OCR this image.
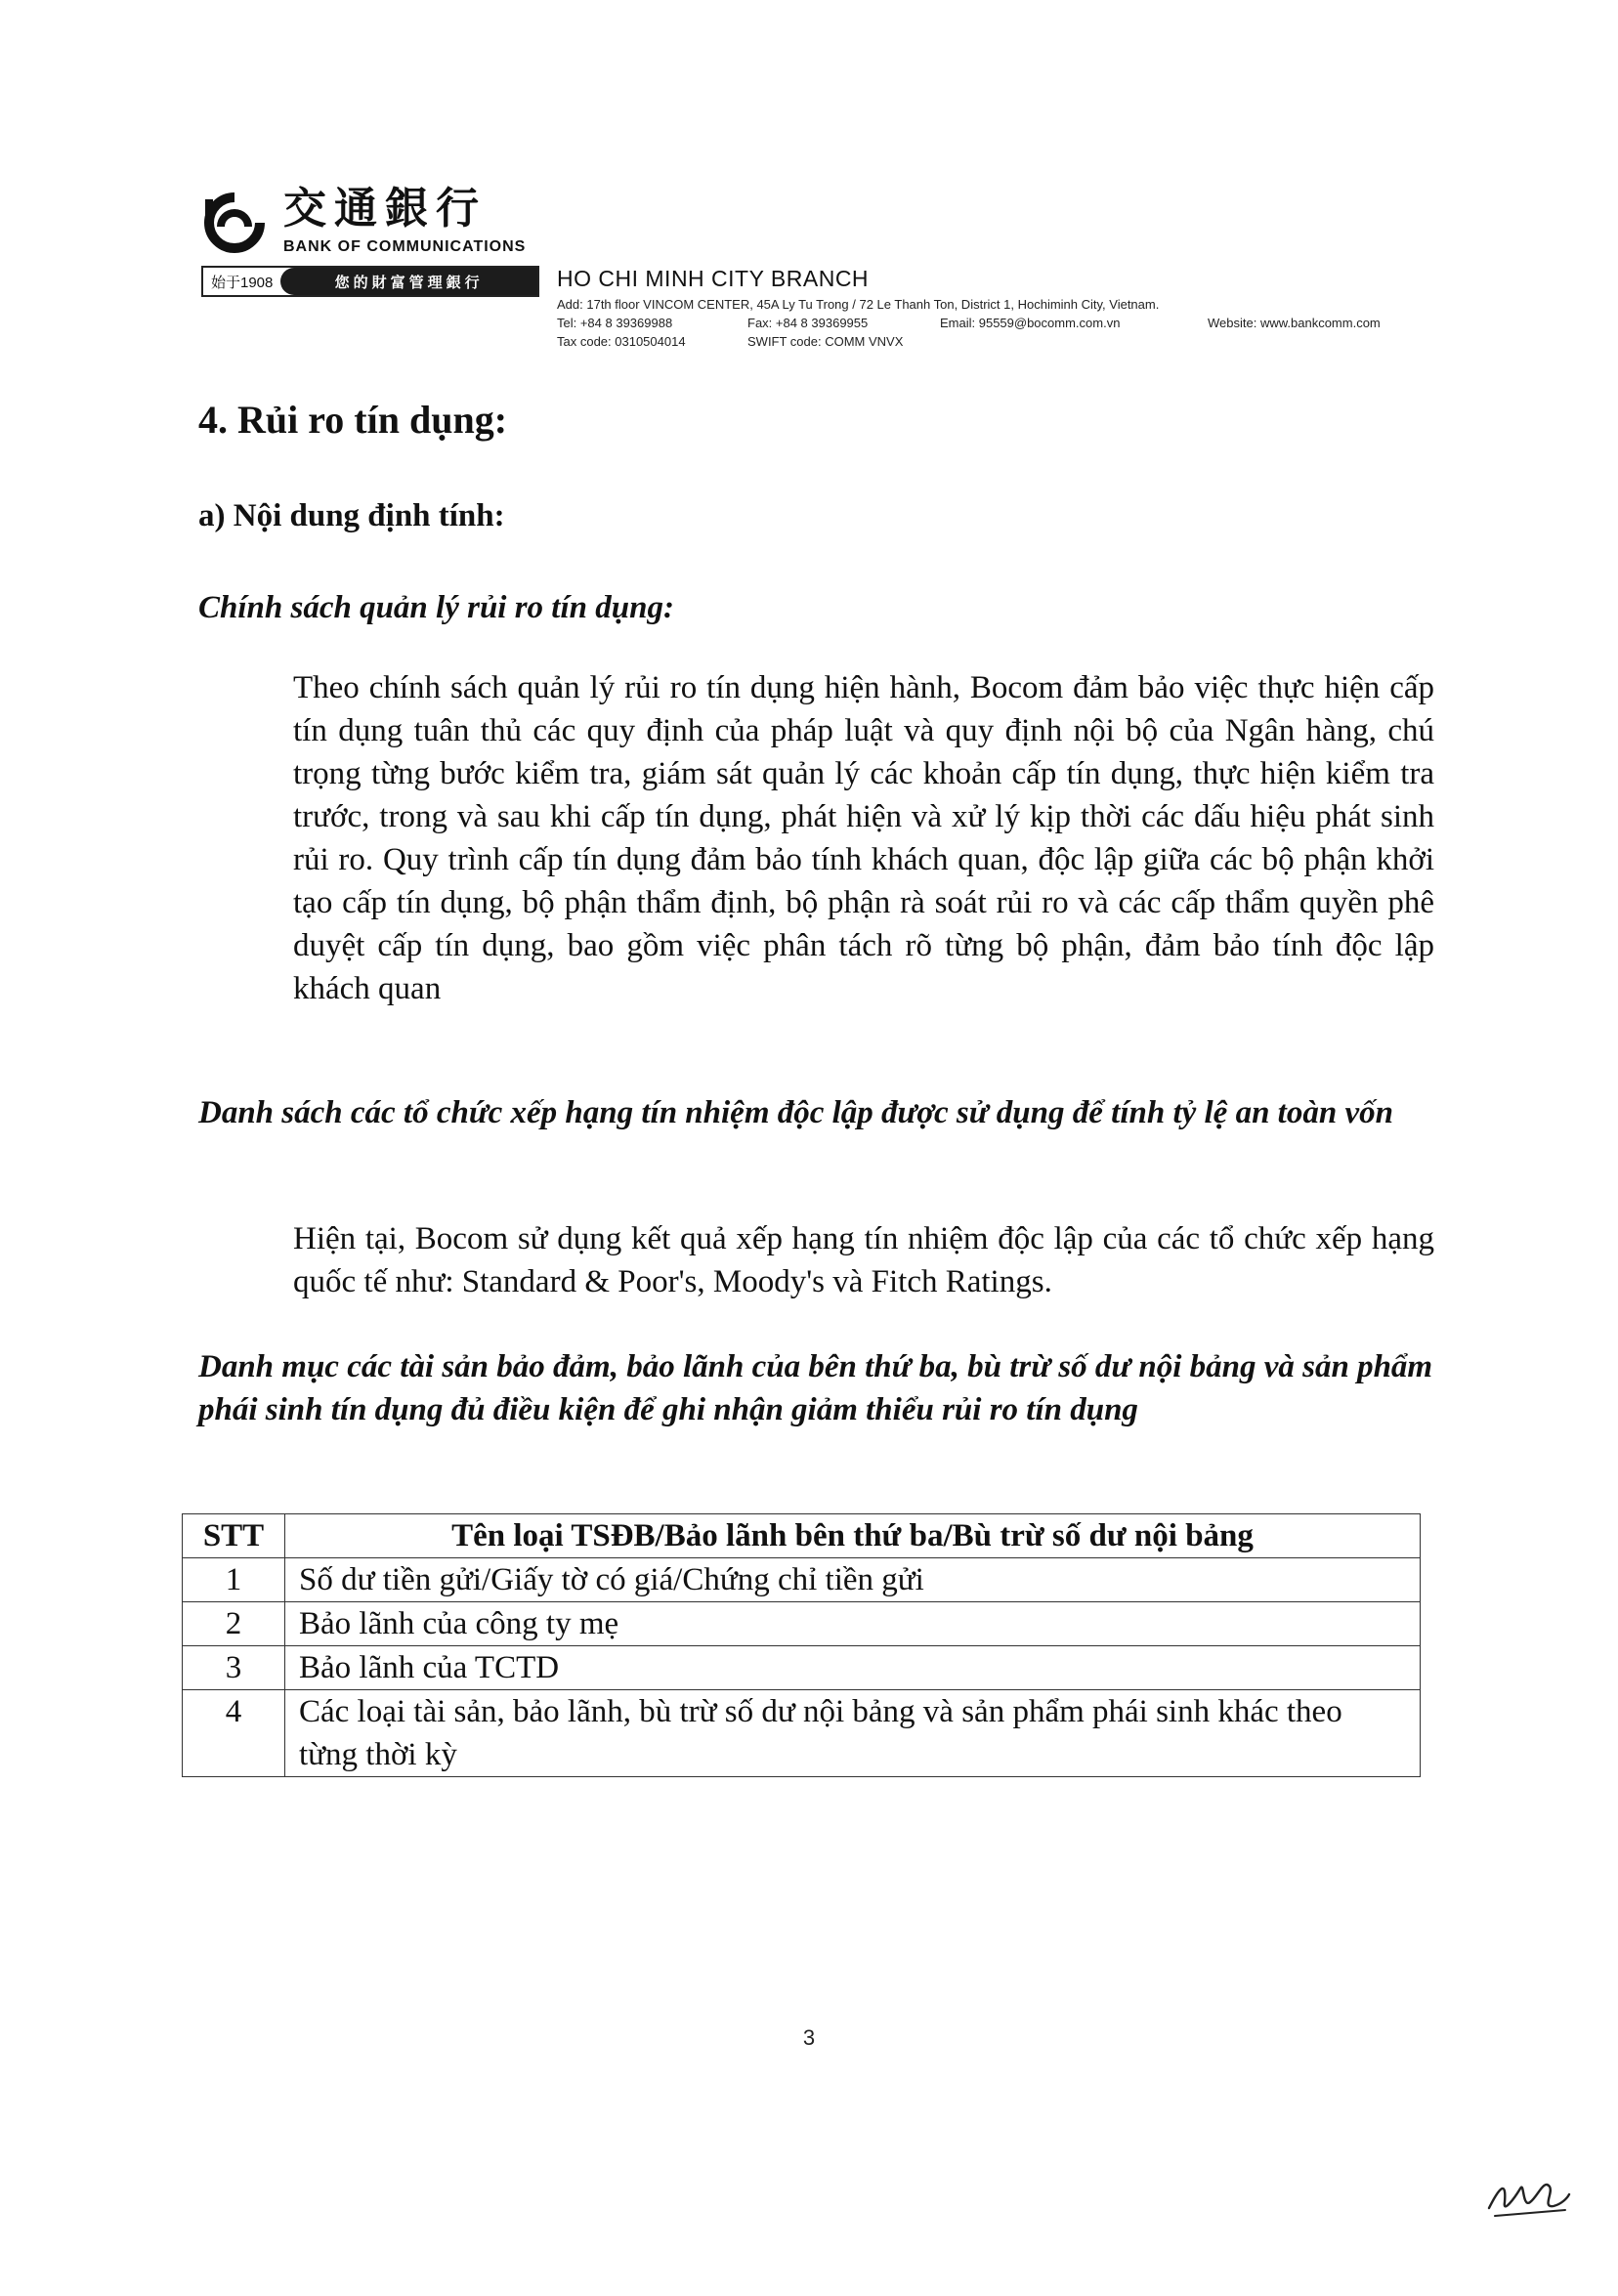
交通銀行
BANK OF COMMUNICATIONS
始于1908	您的財富管理銀行	HO CHI MINH CITY BRANCH
Add: 17th floor VINCOM CENTER, 45A Ly Tu Trong / 72 Le Thanh Ton, District 1, Hochiminh City, Vietnam.
Tel: +84 8 39369988	Fax: +84 8 39369955	Email: 95559@bocomm.com.vn	Website: www.bankcomm.com
Tax code: 0310504014	SWIFT code: COMM VNVX
4. Rủi ro tín dụng:
a) Nội dung định tính:
Chính sách quản lý rủi ro tín dụng:
Theo chính sách quản lý rủi ro tín dụng hiện hành, Bocom đảm bảo việc thực hiện cấp tín dụng tuân thủ các quy định của pháp luật và quy định nội bộ của Ngân hàng, chú trọng từng bước kiểm tra, giám sát quản lý các khoản cấp tín dụng, thực hiện kiểm tra trước, trong và sau khi cấp tín dụng, phát hiện và xử lý kịp thời các dấu hiệu phát sinh rủi ro. Quy trình cấp tín dụng đảm bảo tính khách quan, độc lập giữa các bộ phận khởi tạo cấp tín dụng, bộ phận thẩm định, bộ phận rà soát rủi ro và các cấp thẩm quyền phê duyệt cấp tín dụng, bao gồm việc phân tách rõ từng bộ phận, đảm bảo tính độc lập khách quan
Danh sách các tổ chức xếp hạng tín nhiệm độc lập được sử dụng để tính tỷ lệ an toàn vốn
Hiện tại, Bocom sử dụng kết quả xếp hạng tín nhiệm độc lập của các tổ chức xếp hạng quốc tế như: Standard & Poor's, Moody's và Fitch Ratings.
Danh mục các tài sản bảo đảm, bảo lãnh của bên thứ ba, bù trừ số dư nội bảng và sản phẩm phái sinh tín dụng đủ điều kiện để ghi nhận giảm thiểu rủi ro tín dụng
STT	Tên loại TSĐB/Bảo lãnh bên thứ ba/Bù trừ số dư nội bảng
1	Số dư tiền gửi/Giấy tờ có giá/Chứng chỉ tiền gửi
2	Bảo lãnh của công ty mẹ
3	Bảo lãnh của TCTD
4	Các loại tài sản, bảo lãnh, bù trừ số dư nội bảng và sản phẩm phái sinh khác theo từng thời kỳ
3
